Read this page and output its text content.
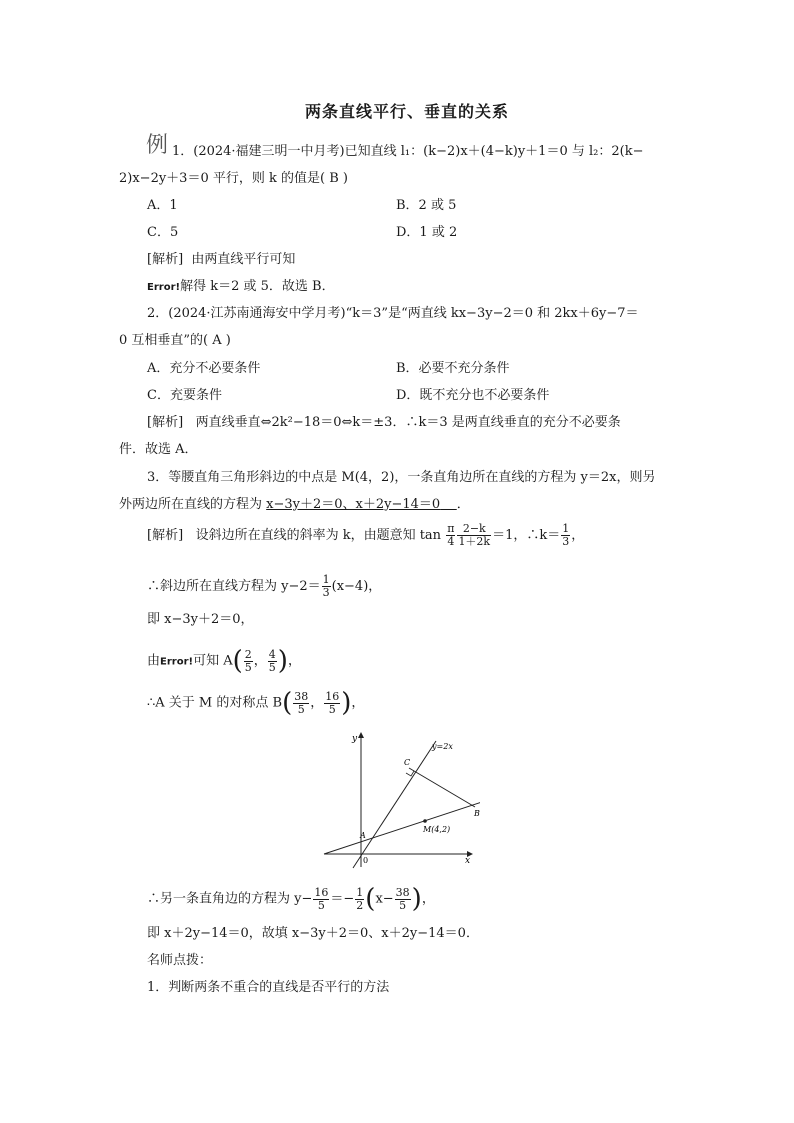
两条直线平行、垂直的关系
例 1．(2024·福建三明一中月考)已知直线 l₁：(k−2)x＋(4−k)y＋1＝0 与 l₂：2(k−
2)x−2y＋3＝0 平行，则 k 的值是( B )
A．1	B．2 或 5
C．5	D．1 或 2
[解析] 由两直线平行可知
Error!解得 k＝2 或 5．故选 B．
2．(2024·江苏南通海安中学月考)“k＝3”是“两直线 kx−3y−2＝0 和 2kx＋6y−7＝
0 互相垂直”的( A )
A．充分不必要条件	B．必要不充分条件
C．充要条件	D．既不充分也不必要条件
[解析] 两直线垂直⇔2k²−18＝0⇔k＝±3．∴k＝3 是两直线垂直的充分不必要条
件．故选 A．
3．等腰直角三角形斜边的中点是 M(4，2)，一条直角边所在直线的方程为 y＝2x，则另
外两边所在直线的方程为 x−3y＋2＝0、x＋2y−14＝0 ．
[解析] 设斜边所在直线的斜率为 k，由题意知 $\tan \frac{\pi}{4} \frac{2-k}{1+2k} =1$，∴k＝ $\frac{1}{3}$ ，
∴斜边所在直线方程为 $y-2= \frac{1}{3} (x-4)$，
即 x−3y＋2＝0，
由Error!可知 $A( \frac{2}{5}$ ， $\frac{4}{5}$ )，
∴A 关于 M 的对称点 $B( \frac{38}{5}$ ， $\frac{16}{5}$ )，
y
x
0
y=2x
C
A
B
M(4,2)
∴另一条直角边的方程为 $y- \frac{16}{5} =- \frac{1}{2} (x- \frac{38}{5}$ )，
即 x＋2y−14＝0，故填 x−3y＋2＝0、x＋2y−14＝0．
名师点拨：
1．判断两条不重合的直线是否平行的方法
